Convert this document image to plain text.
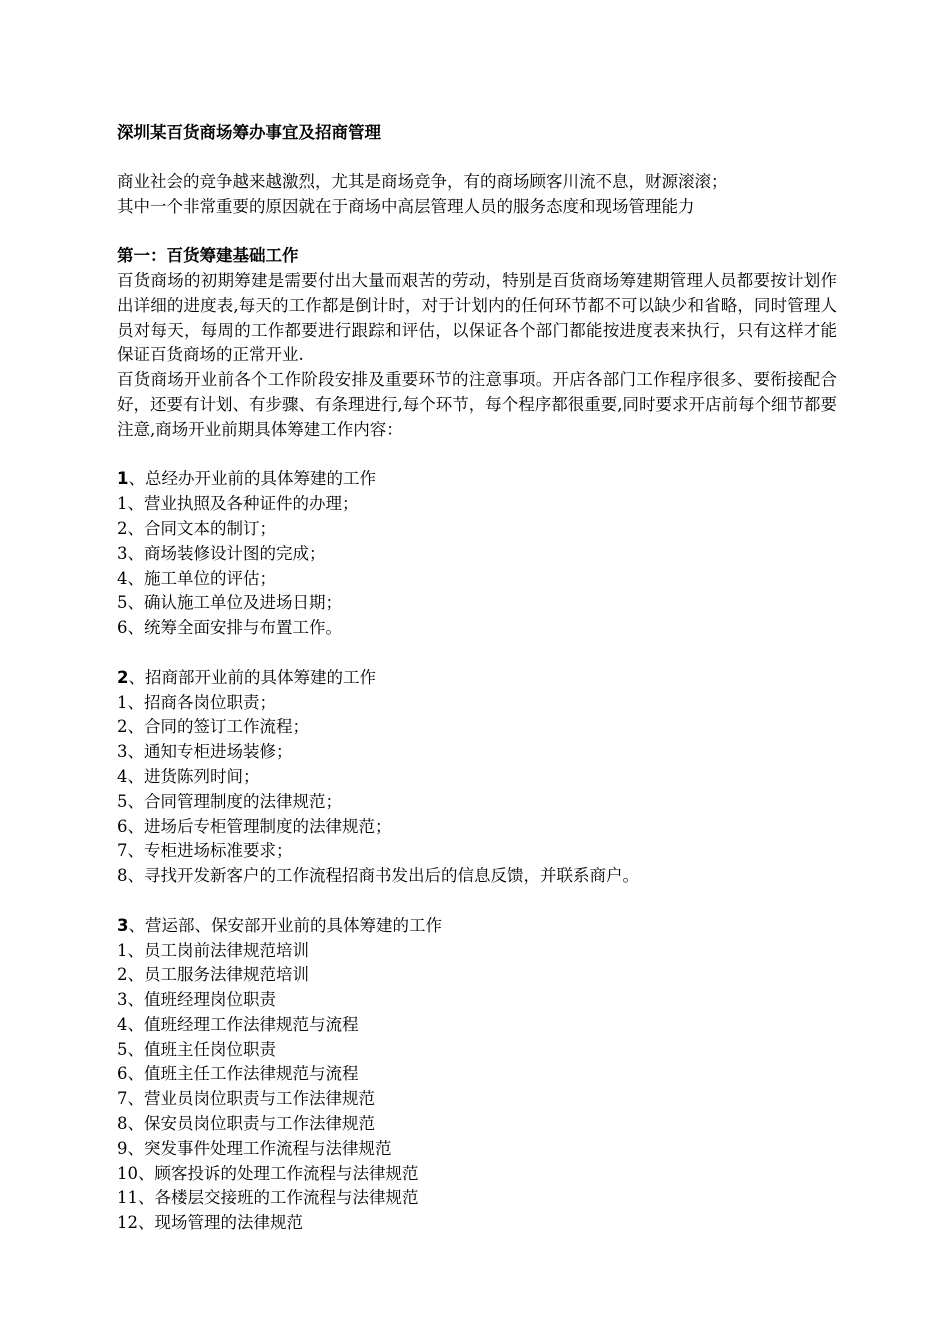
深圳某百货商场筹办事宜及招商管理

商业社会的竞争越来越激烈，尤其是商场竞争，有的商场顾客川流不息，财源滚滚；

其中一个非常重要的原因就在于商场中高层管理人员的服务态度和现场管理能力

第一：百货筹建基础工作

百货商场的初期筹建是需要付出大量而艰苦的劳动，特别是百货商场筹建期管理人员都要按计划作出详细的进度表,每天的工作都是倒计时，对于计划内的任何环节都不可以缺少和省略，同时管理人员对每天，每周的工作都要进行跟踪和评估，以保证各个部门都能按进度表来执行，只有这样才能保证百货商场的正常开业.

百货商场开业前各个工作阶段安排及重要环节的注意事项。开店各部门工作程序很多、要衔接配合好，还要有计划、有步骤、有条理进行,每个环节，每个程序都很重要,同时要求开店前每个细节都要注意,商场开业前期具体筹建工作内容：

1、总经办开业前的具体筹建的工作

1、营业执照及各种证件的办理；
2、合同文本的制订；
3、商场装修设计图的完成；
4、施工单位的评估；
5、确认施工单位及进场日期；
6、统筹全面安排与布置工作。

2、招商部开业前的具体筹建的工作

1、招商各岗位职责；
2、合同的签订工作流程；
3、通知专柜进场装修；
4、进货陈列时间；
5、合同管理制度的法律规范；
6、进场后专柜管理制度的法律规范；
7、专柜进场标准要求；
8、寻找开发新客户的工作流程招商书发出后的信息反馈，并联系商户。

3、营运部、保安部开业前的具体筹建的工作

1、员工岗前法律规范培训
2、员工服务法律规范培训
3、值班经理岗位职责
4、值班经理工作法律规范与流程
5、值班主任岗位职责
6、值班主任工作法律规范与流程
7、营业员岗位职责与工作法律规范
8、保安员岗位职责与工作法律规范
9、突发事件处理工作流程与法律规范
10、顾客投诉的处理工作流程与法律规范
11、各楼层交接班的工作流程与法律规范
12、现场管理的法律规范
